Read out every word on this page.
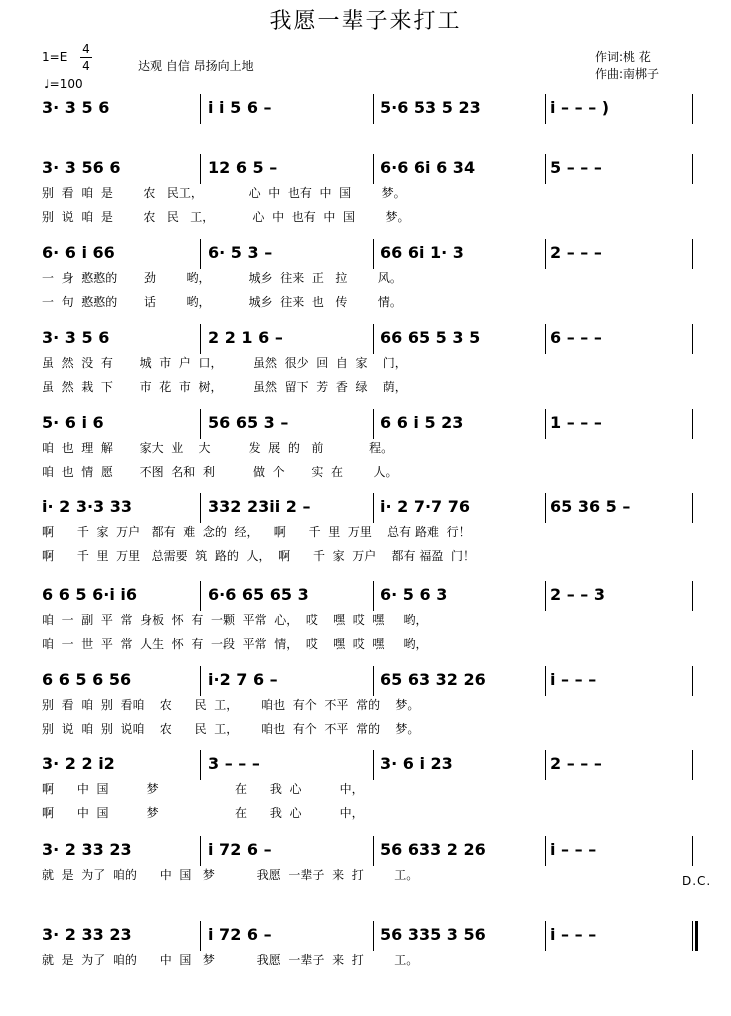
我愿一辈子来打工
1=E
4
4
♩=100
达观 自信 昂扬向上地
作词:桃 花
作曲:南梆子
3· 3 5 6	i i 5 6 –	5·6 53 5 23	i – – – )
3· 3 56 6	12 6 5 –	6·6 6i 6 34	5 – – –
别  看  咱  是        农   民工，            心  中  也有  中  国        梦。
别  说  咱  是        农   民   工，          心  中  也有  中  国        梦。
6· 6 i 66	6· 5 3 –	66 6i 1· 3	2 – – –
一  身  憨憨的       劲        哟，          城乡  往来  正   拉        风。
一  句  憨憨的       话        哟，          城乡  往来  也   传        情。
3· 3 5 6	2 2 1 6 –	66 65 5 3 5	6 – – –
虽  然  没  有       城  市  户  口，        虽然  很少  回  自  家    门，
虽  然  栽  下       市  花  市  树，        虽然  留下  芳  香  绿    荫，
5· 6 i 6	56 65 3 –	6 6 i 5 23	1 – – –
咱  也  理  解       家大  业    大          发  展  的   前            程。
咱  也  情  愿       不图  名和  利          做  个       实  在        人。
i· 2 3·3 33	332 23ii 2 –	i· 2 7·7 76	65 36 5 –
啊      千  家  万户   都有  难  念的  经，    啊      千  里  万里    总有 路难  行！
啊      千  里  万里   总需要  筑  路的  人，  啊      千  家  万户    都有 福盈  门！
6 6 5 6·i i6	6·6 65 65 3	6· 5 6 3	2 – – 3
咱  一  副  平  常  身板  怀  有  一颗  平常  心，  哎    嘿  哎  嘿     哟，
咱  一  世  平  常  人生  怀  有  一段  平常  情，  哎    嘿  哎  嘿     哟，
6 6 5 6 56	i·2 7 6 –	65 63 32 26	i – – –
别  看  咱  别  看咱    农      民  工，      咱也  有个  不平  常的    梦。
别  说  咱  别  说咱    农      民  工，      咱也  有个  不平  常的    梦。
3· 2 2 i2	3 – – –	3· 6 i 23	2 – – –
啊      中  国          梦                    在      我  心          中，
啊      中  国          梦                    在      我  心          中，
3· 2 33 23	i 72 6 –	56 633 2 26	i – – –
就  是  为了  咱的      中  国   梦           我愿  一辈子  来  打        工。
3· 2 33 23	i 72 6 –	56 335 3 56	i – – –
就  是  为了  咱的      中  国   梦           我愿  一辈子  来  打        工。
D.C.
